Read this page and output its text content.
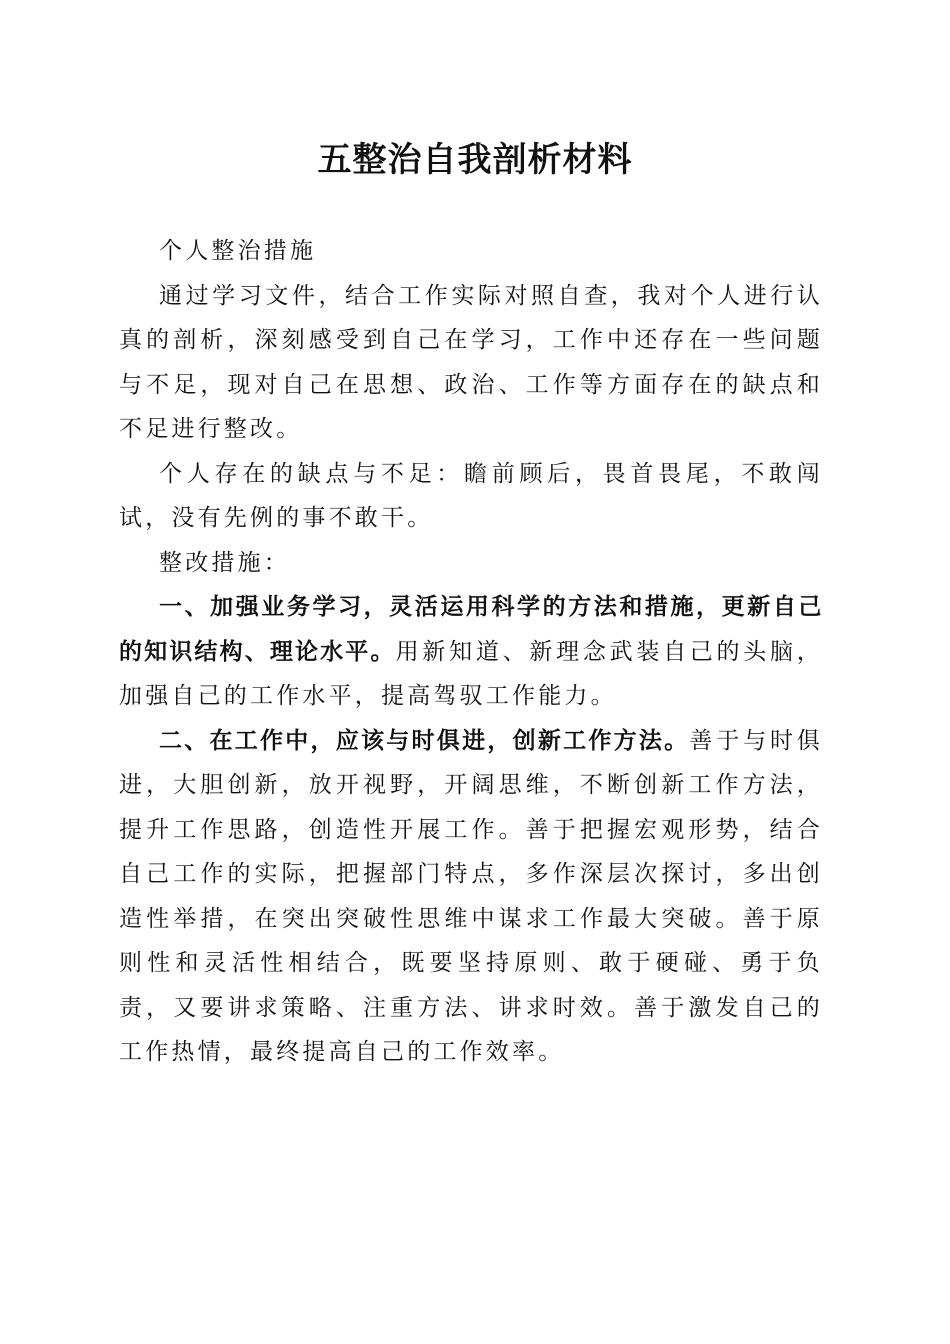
五整治自我剖析材料

个人整治措施

通过学习文件，结合工作实际对照自查，我对个人进行认真的剖析，深刻感受到自己在学习，工作中还存在一些问题与不足，现对自己在思想、政治、工作等方面存在的缺点和不足进行整改。

个人存在的缺点与不足：瞻前顾后，畏首畏尾，不敢闯试，没有先例的事不敢干。

整改措施：

一、加强业务学习，灵活运用科学的方法和措施，更新自己的知识结构、理论水平。用新知道、新理念武装自己的头脑，加强自己的工作水平，提高驾驭工作能力。

二、在工作中，应该与时俱进，创新工作方法。善于与时俱进，大胆创新，放开视野，开阔思维，不断创新工作方法，提升工作思路，创造性开展工作。善于把握宏观形势，结合自己工作的实际，把握部门特点，多作深层次探讨，多出创造性举措，在突出突破性思维中谋求工作最大突破。善于原则性和灵活性相结合，既要坚持原则、敢于硬碰、勇于负责，又要讲求策略、注重方法、讲求时效。善于激发自己的工作热情，最终提高自己的工作效率。
